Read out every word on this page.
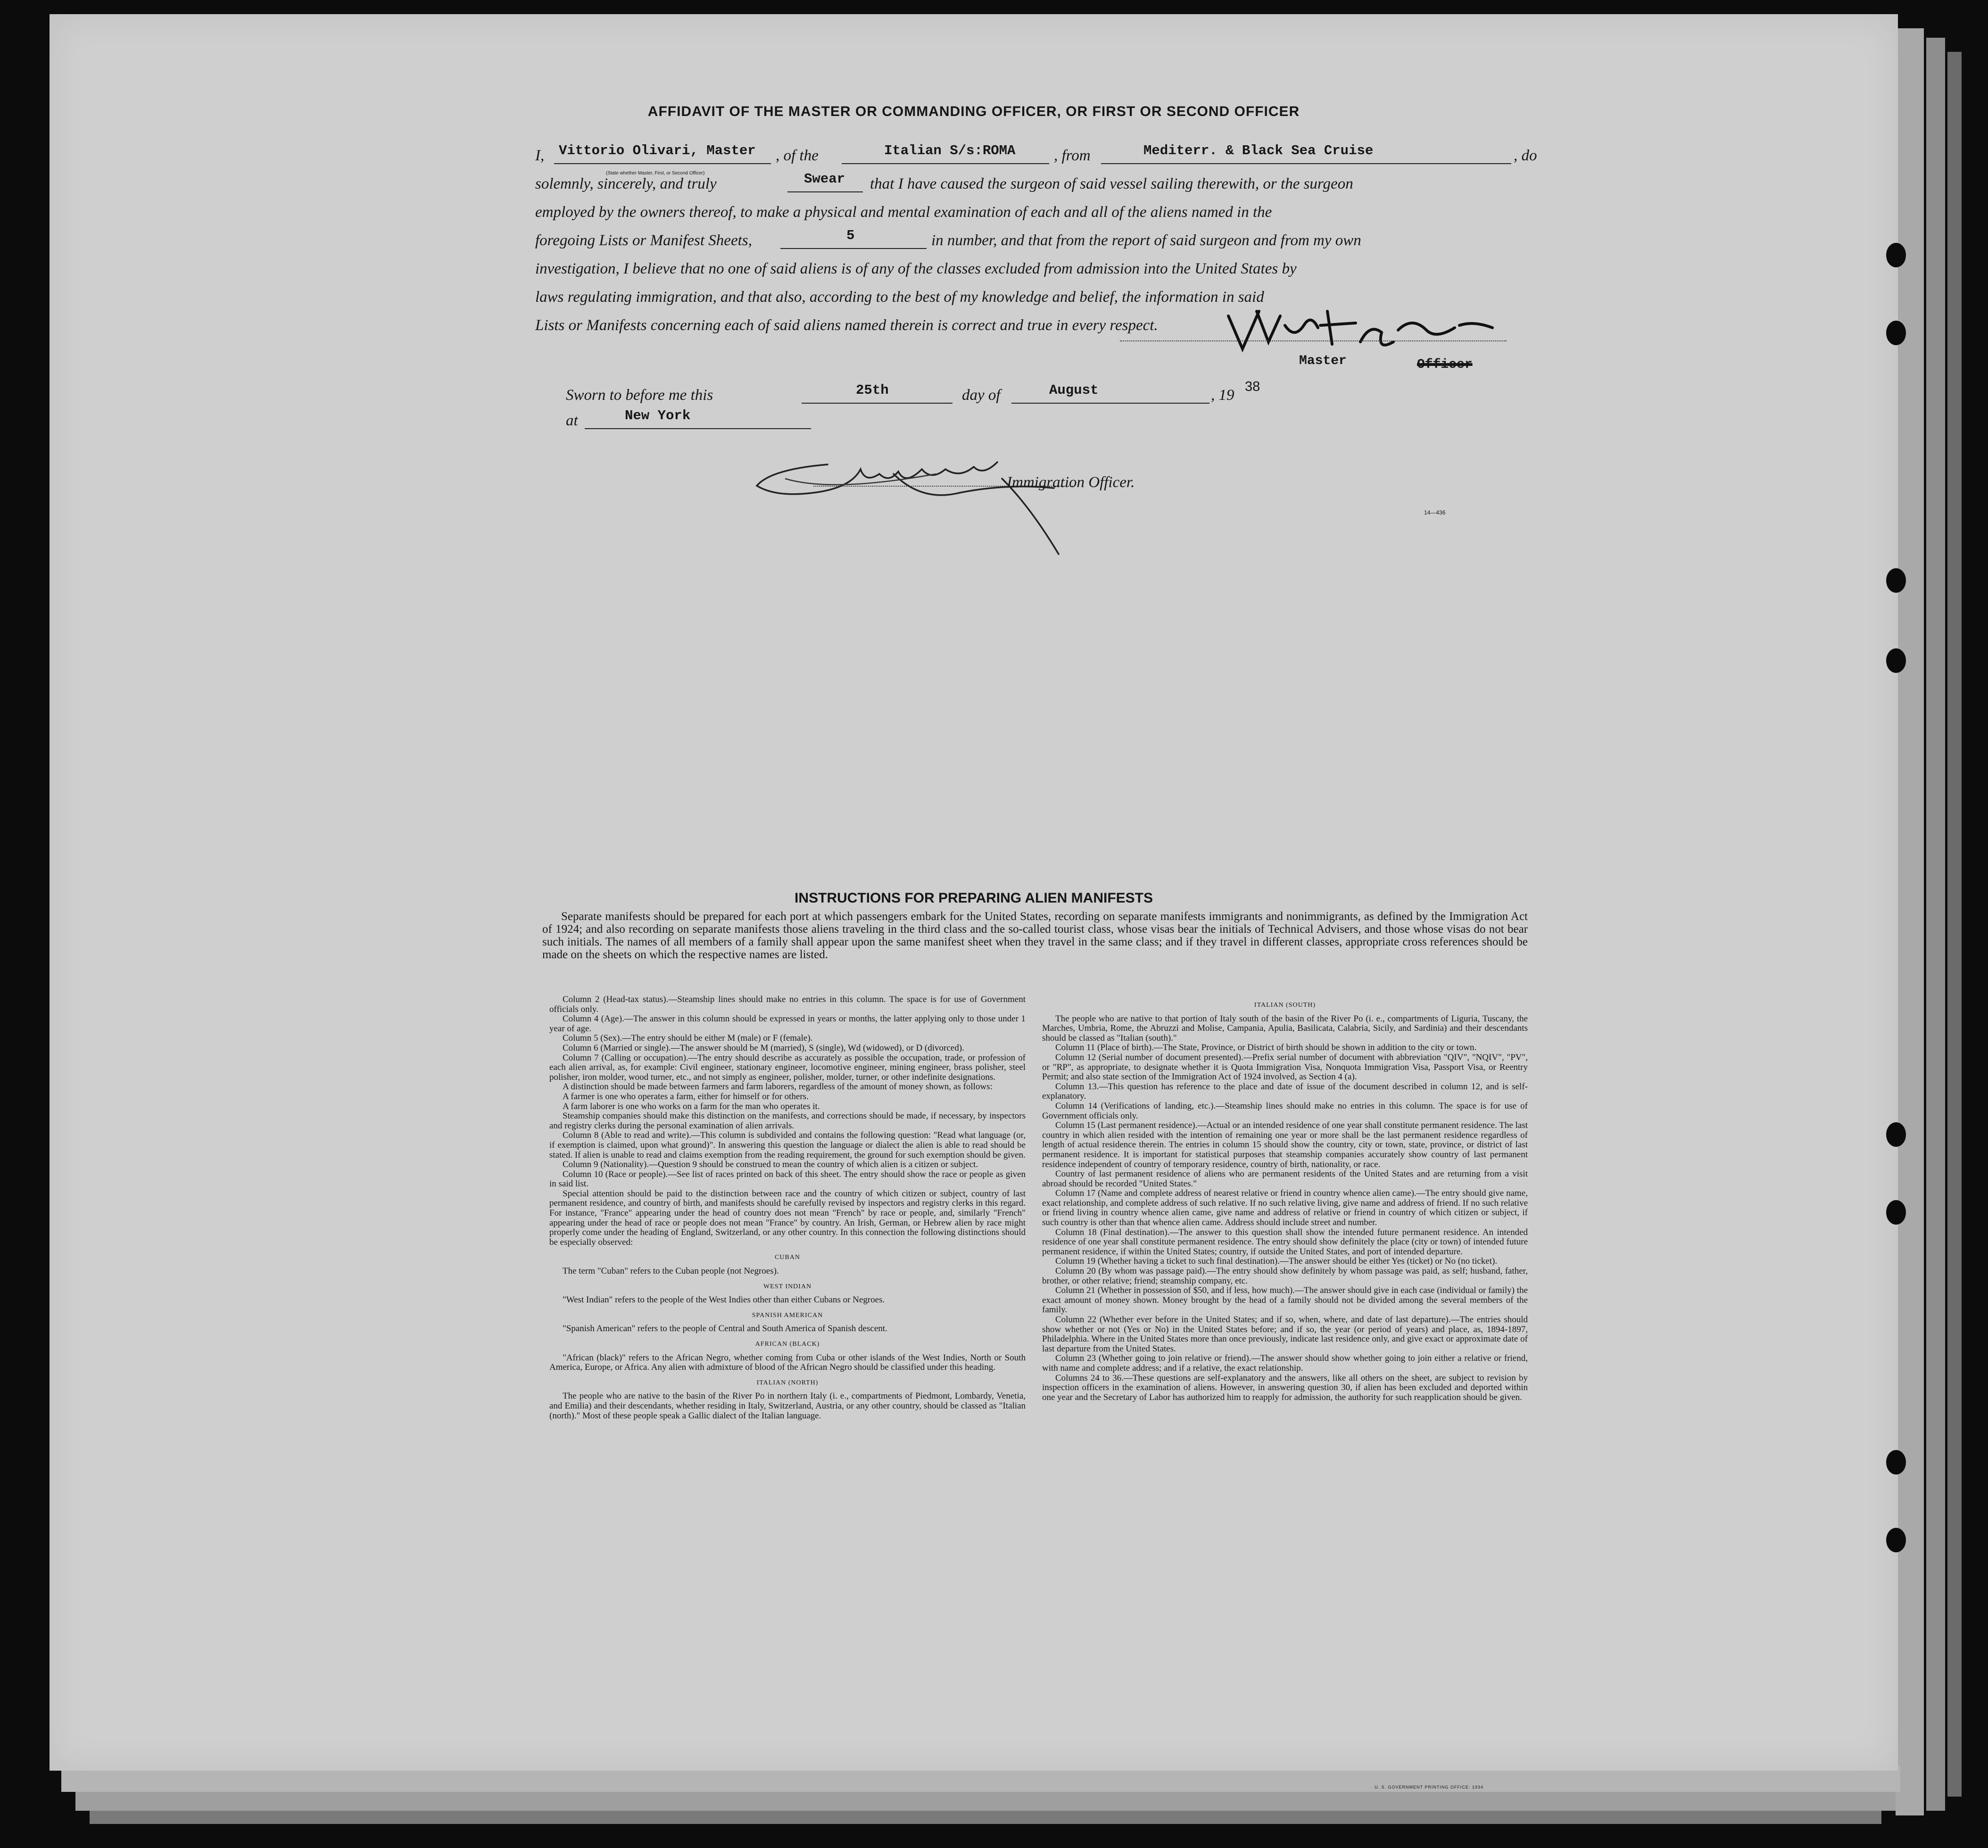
AFFIDAVIT OF THE MASTER OR COMMANDING OFFICER, OR FIRST OR SECOND OFFICER
I, Vittorio Olivari, Master
(State whether Master, First, or Second Officer)
, of the	Italian S/s:ROMA , from	Mediterr. & Black Sea Cruise	, do
solemnly, sincerely, and truly	Swear that I have caused the surgeon of said vessel sailing therewith, or the surgeon
employed by the owners thereof, to make a physical and mental examination of each and all of the aliens named in the
foregoing Lists or Manifest Sheets,	5	in number, and that from the report of said surgeon and from my own
investigation, I believe that no one of said aliens is of any of the classes excluded from admission into the United States by
laws regulating immigration, and that also, according to the best of my knowledge and belief, the information in said
Lists or Manifests concerning each of said aliens named therein is correct and true in every respect.
Master	Officer
Sworn to before me this	25th	day of	August	, 19 38
at	New York
Immigration Officer.
14—436
INSTRUCTIONS FOR PREPARING ALIEN MANIFESTS

Separate manifests should be prepared for each port at which passengers embark for the United States, recording on separate manifests immigrants and nonimmigrants, as defined by the Immigration Act of 1924; and also recording on separate manifests those aliens traveling in the third class and the so-called tourist class, whose visas bear the initials of Technical Advisers, and those whose visas do not bear such initials. The names of all members of a family shall appear upon the same manifest sheet when they travel in the same class; and if they travel in different classes, appropriate cross references should be made on the sheets on which the respective names are listed.

Column 2 (Head-tax status).—Steamship lines should make no entries in this column. The space is for use of Government officials only.

Column 4 (Age).—The answer in this column should be expressed in years or months, the latter applying only to those under 1 year of age.

Column 5 (Sex).—The entry should be either M (male) or F (female).

Column 6 (Married or single).—The answer should be M (married), S (single), Wd (widowed), or D (divorced).

Column 7 (Calling or occupation).—The entry should describe as accurately as possible the occupation, trade, or profession of each alien arrival, as, for example: Civil engineer, stationary engineer, locomotive engineer, mining engineer, brass polisher, steel polisher, iron molder, wood turner, etc., and not simply as engineer, polisher, molder, turner, or other indefinite designations.

A distinction should be made between farmers and farm laborers, regardless of the amount of money shown, as follows:

A farmer is one who operates a farm, either for himself or for others.

A farm laborer is one who works on a farm for the man who operates it.

Steamship companies should make this distinction on the manifests, and corrections should be made, if necessary, by inspectors and registry clerks during the personal examination of alien arrivals.

Column 8 (Able to read and write).—This column is subdivided and contains the following question: "Read what language (or, if exemption is claimed, upon what ground)". In answering this question the language or dialect the alien is able to read should be stated. If alien is unable to read and claims exemption from the reading requirement, the ground for such exemption should be given.

Column 9 (Nationality).—Question 9 should be construed to mean the country of which alien is a citizen or subject.

Column 10 (Race or people).—See list of races printed on back of this sheet. The entry should show the race or people as given in said list.

Special attention should be paid to the distinction between race and the country of which citizen or subject, country of last permanent residence, and country of birth, and manifests should be carefully revised by inspectors and registry clerks in this regard. For instance, "France" appearing under the head of country does not mean "French" by race or people, and, similarly "French" appearing under the head of race or people does not mean "France" by country. An Irish, German, or Hebrew alien by race might properly come under the heading of England, Switzerland, or any other country. In this connection the following distinctions should be especially observed:

CUBAN

The term "Cuban" refers to the Cuban people (not Negroes).

WEST INDIAN

"West Indian" refers to the people of the West Indies other than either Cubans or Negroes.

SPANISH AMERICAN

"Spanish American" refers to the people of Central and South America of Spanish descent.

AFRICAN (BLACK)

"African (black)" refers to the African Negro, whether coming from Cuba or other islands of the West Indies, North or South America, Europe, or Africa. Any alien with admixture of blood of the African Negro should be classified under this heading.

ITALIAN (NORTH)

The people who are native to the basin of the River Po in northern Italy (i. e., compartments of Piedmont, Lombardy, Venetia, and Emilia) and their descendants, whether residing in Italy, Switzerland, Austria, or any other country, should be classed as "Italian (north)." Most of these people speak a Gallic dialect of the Italian language.

ITALIAN (SOUTH)

The people who are native to that portion of Italy south of the basin of the River Po (i. e., compartments of Liguria, Tuscany, the Marches, Umbria, Rome, the Abruzzi and Molise, Campania, Apulia, Basilicata, Calabria, Sicily, and Sardinia) and their descendants should be classed as "Italian (south)."

Column 11 (Place of birth).—The State, Province, or District of birth should be shown in addition to the city or town.

Column 12 (Serial number of document presented).—Prefix serial number of document with abbreviation "QIV", "NQIV", "PV", or "RP", as appropriate, to designate whether it is Quota Immigration Visa, Nonquota Immigration Visa, Passport Visa, or Reentry Permit; and also state section of the Immigration Act of 1924 involved, as Section 4 (a).

Column 13.—This question has reference to the place and date of issue of the document described in column 12, and is self-explanatory.

Column 14 (Verifications of landing, etc.).—Steamship lines should make no entries in this column. The space is for use of Government officials only.

Column 15 (Last permanent residence).—Actual or an intended residence of one year shall constitute permanent residence. The last country in which alien resided with the intention of remaining one year or more shall be the last permanent residence regardless of length of actual residence therein. The entries in column 15 should show the country, city or town, state, province, or district of last permanent residence. It is important for statistical purposes that steamship companies accurately show country of last permanent residence independent of country of temporary residence, country of birth, nationality, or race.

Country of last permanent residence of aliens who are permanent residents of the United States and are returning from a visit abroad should be recorded "United States."

Column 17 (Name and complete address of nearest relative or friend in country whence alien came).—The entry should give name, exact relationship, and complete address of such relative. If no such relative living, give name and address of friend. If no such relative or friend living in country whence alien came, give name and address of relative or friend in country of which citizen or subject, if such country is other than that whence alien came. Address should include street and number.

Column 18 (Final destination).—The answer to this question shall show the intended future permanent residence. An intended residence of one year shall constitute permanent residence. The entry should show definitely the place (city or town) of intended future permanent residence, if within the United States; country, if outside the United States, and port of intended departure.

Column 19 (Whether having a ticket to such final destination).—The answer should be either Yes (ticket) or No (no ticket).

Column 20 (By whom was passage paid).—The entry should show definitely by whom passage was paid, as self; husband, father, brother, or other relative; friend; steamship company, etc.

Column 21 (Whether in possession of $50, and if less, how much).—The answer should give in each case (individual or family) the exact amount of money shown. Money brought by the head of a family should not be divided among the several members of the family.

Column 22 (Whether ever before in the United States; and if so, when, where, and date of last departure).—The entries should show whether or not (Yes or No) in the United States before; and if so, the year (or period of years) and place, as, 1894-1897, Philadelphia. Where in the United States more than once previously, indicate last residence only, and give exact or approximate date of last departure from the United States.

Column 23 (Whether going to join relative or friend).—The answer should show whether going to join either a relative or friend, with name and complete address; and if a relative, the exact relationship.

Columns 24 to 36.—These questions are self-explanatory and the answers, like all others on the sheet, are subject to revision by inspection officers in the examination of aliens. However, in answering question 30, if alien has been excluded and deported within one year and the Secretary of Labor has authorized him to reapply for admission, the authority for such reapplication should be given.

U. S. GOVERNMENT PRINTING OFFICE: 1934
